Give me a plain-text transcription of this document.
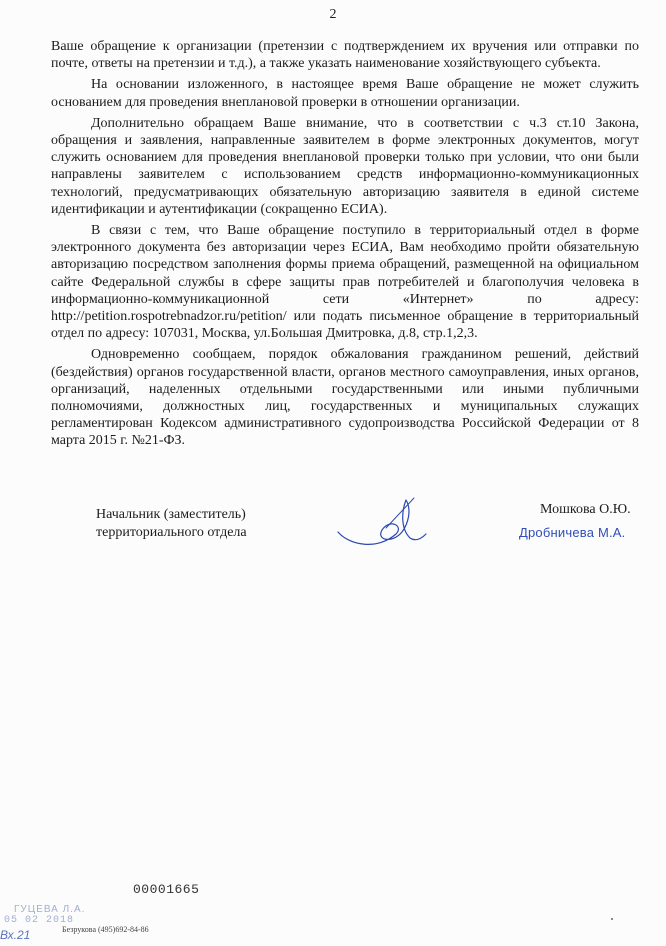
2

Ваше обращение к организации (претензии с подтверждением их вручения или отправки по почте, ответы на претензии и т.д.), а также указать наименование хозяйствующего субъекта.

На основании изложенного, в настоящее время Ваше обращение не может служить основанием для проведения внеплановой проверки в отношении организации.

Дополнительно обращаем Ваше внимание, что в соответствии с ч.3 ст.10 Закона, обращения и заявления, направленные заявителем в форме электронных документов, могут служить основанием для проведения внеплановой проверки только при условии, что они были направлены заявителем с использованием средств информационно-коммуникационных технологий, предусматривающих обязательную авторизацию заявителя в единой системе идентификации и аутентификации (сокращенно ЕСИА).

В связи с тем, что Ваше обращение поступило в территориальный отдел в форме электронного документа без авторизации через ЕСИА, Вам необходимо пройти обязательную авторизацию посредством заполнения формы приема обращений, размещенной на официальном сайте Федеральной службы в сфере защиты прав потребителей и благополучия человека в информационно-коммуникационной сети «Интернет» по адресу: http://petition.rospotrebnadzor.ru/petition/ или подать письменное обращение в территориальный отдел по адресу: 107031, Москва, ул.Большая Дмитровка, д.8, стр.1,2,3.

Одновременно сообщаем, порядок обжалования гражданином решений, действий (бездействия) органов государственной власти, органов местного самоуправления, иных органов, организаций, наделенных отдельными государственными или иными публичными полномочиями, должностных лиц, государственных и муниципальных служащих регламентирован Кодексом административного судопроизводства Российской Федерации от 8 марта 2015 г. №21-ФЗ.

Начальник (заместитель)
территориального отдела
Мошкова О.Ю.
Дробничева М.А.
00001665
ГУЦЕВА Л.А.
05 02 2018
Вх.21	Безрукова (495)692-84-86
